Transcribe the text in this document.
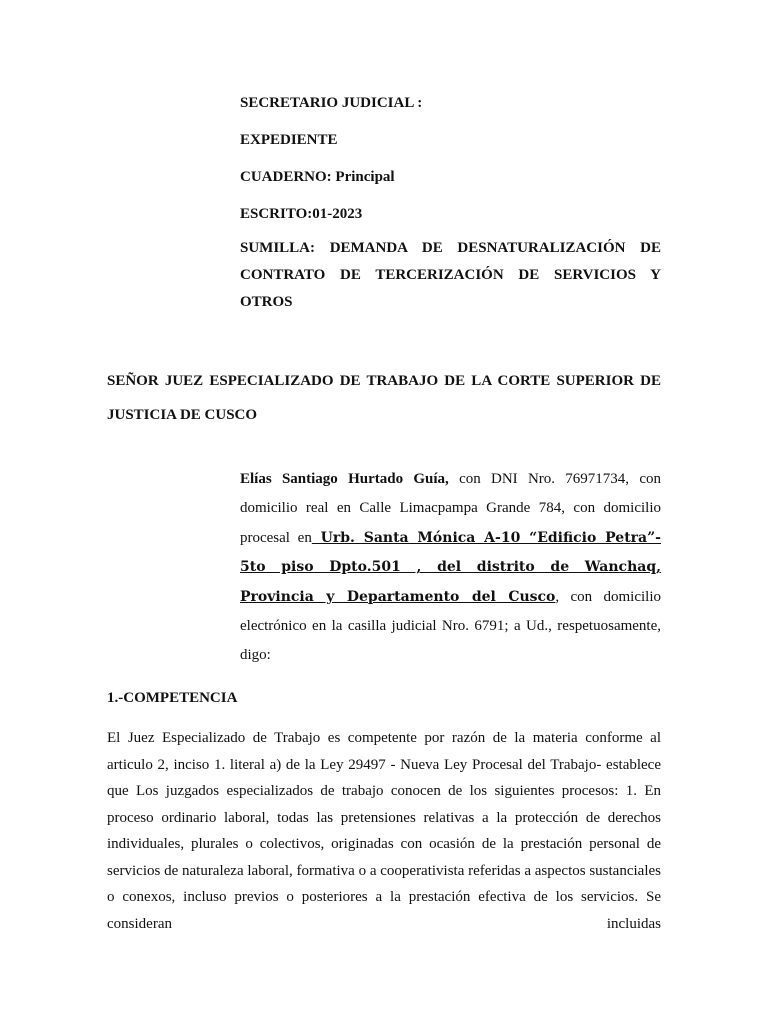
SECRETARIO JUDICIAL :
EXPEDIENTE
CUADERNO: Principal
ESCRITO:01-2023
SUMILLA: DEMANDA DE DESNATURALIZACIÓN DE CONTRATO DE TERCERIZACIÓN DE SERVICIOS Y OTROS
SEÑOR JUEZ ESPECIALIZADO DE TRABAJO DE LA CORTE SUPERIOR DE JUSTICIA DE CUSCO
Elías Santiago Hurtado Guía, con DNI Nro. 76971734, con domicilio real en Calle Limacpampa Grande 784, con domicilio procesal en Urb. Santa Mónica A-10 “Edificio Petra”- 5to piso Dpto.501 , del distrito de Wanchaq, Provincia y Departamento del Cusco, con domicilio electrónico en la casilla judicial Nro. 6791; a Ud., respetuosamente, digo:
1.-COMPETENCIA
El Juez Especializado de Trabajo es competente por razón de la materia conforme al articulo 2, inciso 1. literal a) de la Ley 29497 - Nueva Ley Procesal del Trabajo- establece que Los juzgados especializados de trabajo conocen de los siguientes procesos: 1. En proceso ordinario laboral, todas las pretensiones relativas a la protección de derechos individuales, plurales o colectivos, originadas con ocasión de la prestación personal de servicios de naturaleza laboral, formativa o a cooperativista referidas a aspectos sustanciales o conexos, incluso previos o posteriores a la prestación efectiva de los servicios. Se consideran incluidas
